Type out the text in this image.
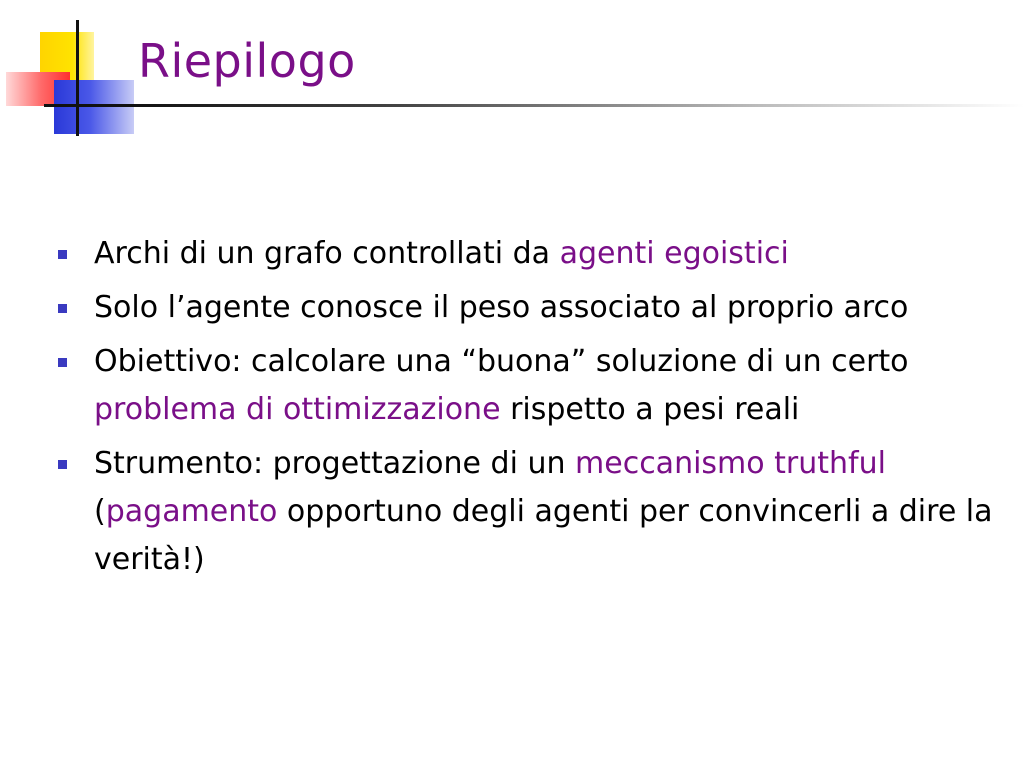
Riepilogo
Archi di un grafo controllati da agenti egoistici
Solo l’agente conosce il peso associato al proprio arco
Obiettivo: calcolare una “buona” soluzione di un certo problema di ottimizzazione rispetto a pesi reali
Strumento: progettazione di un meccanismo truthful (pagamento opportuno degli agenti per convincerli a dire la verità!)
